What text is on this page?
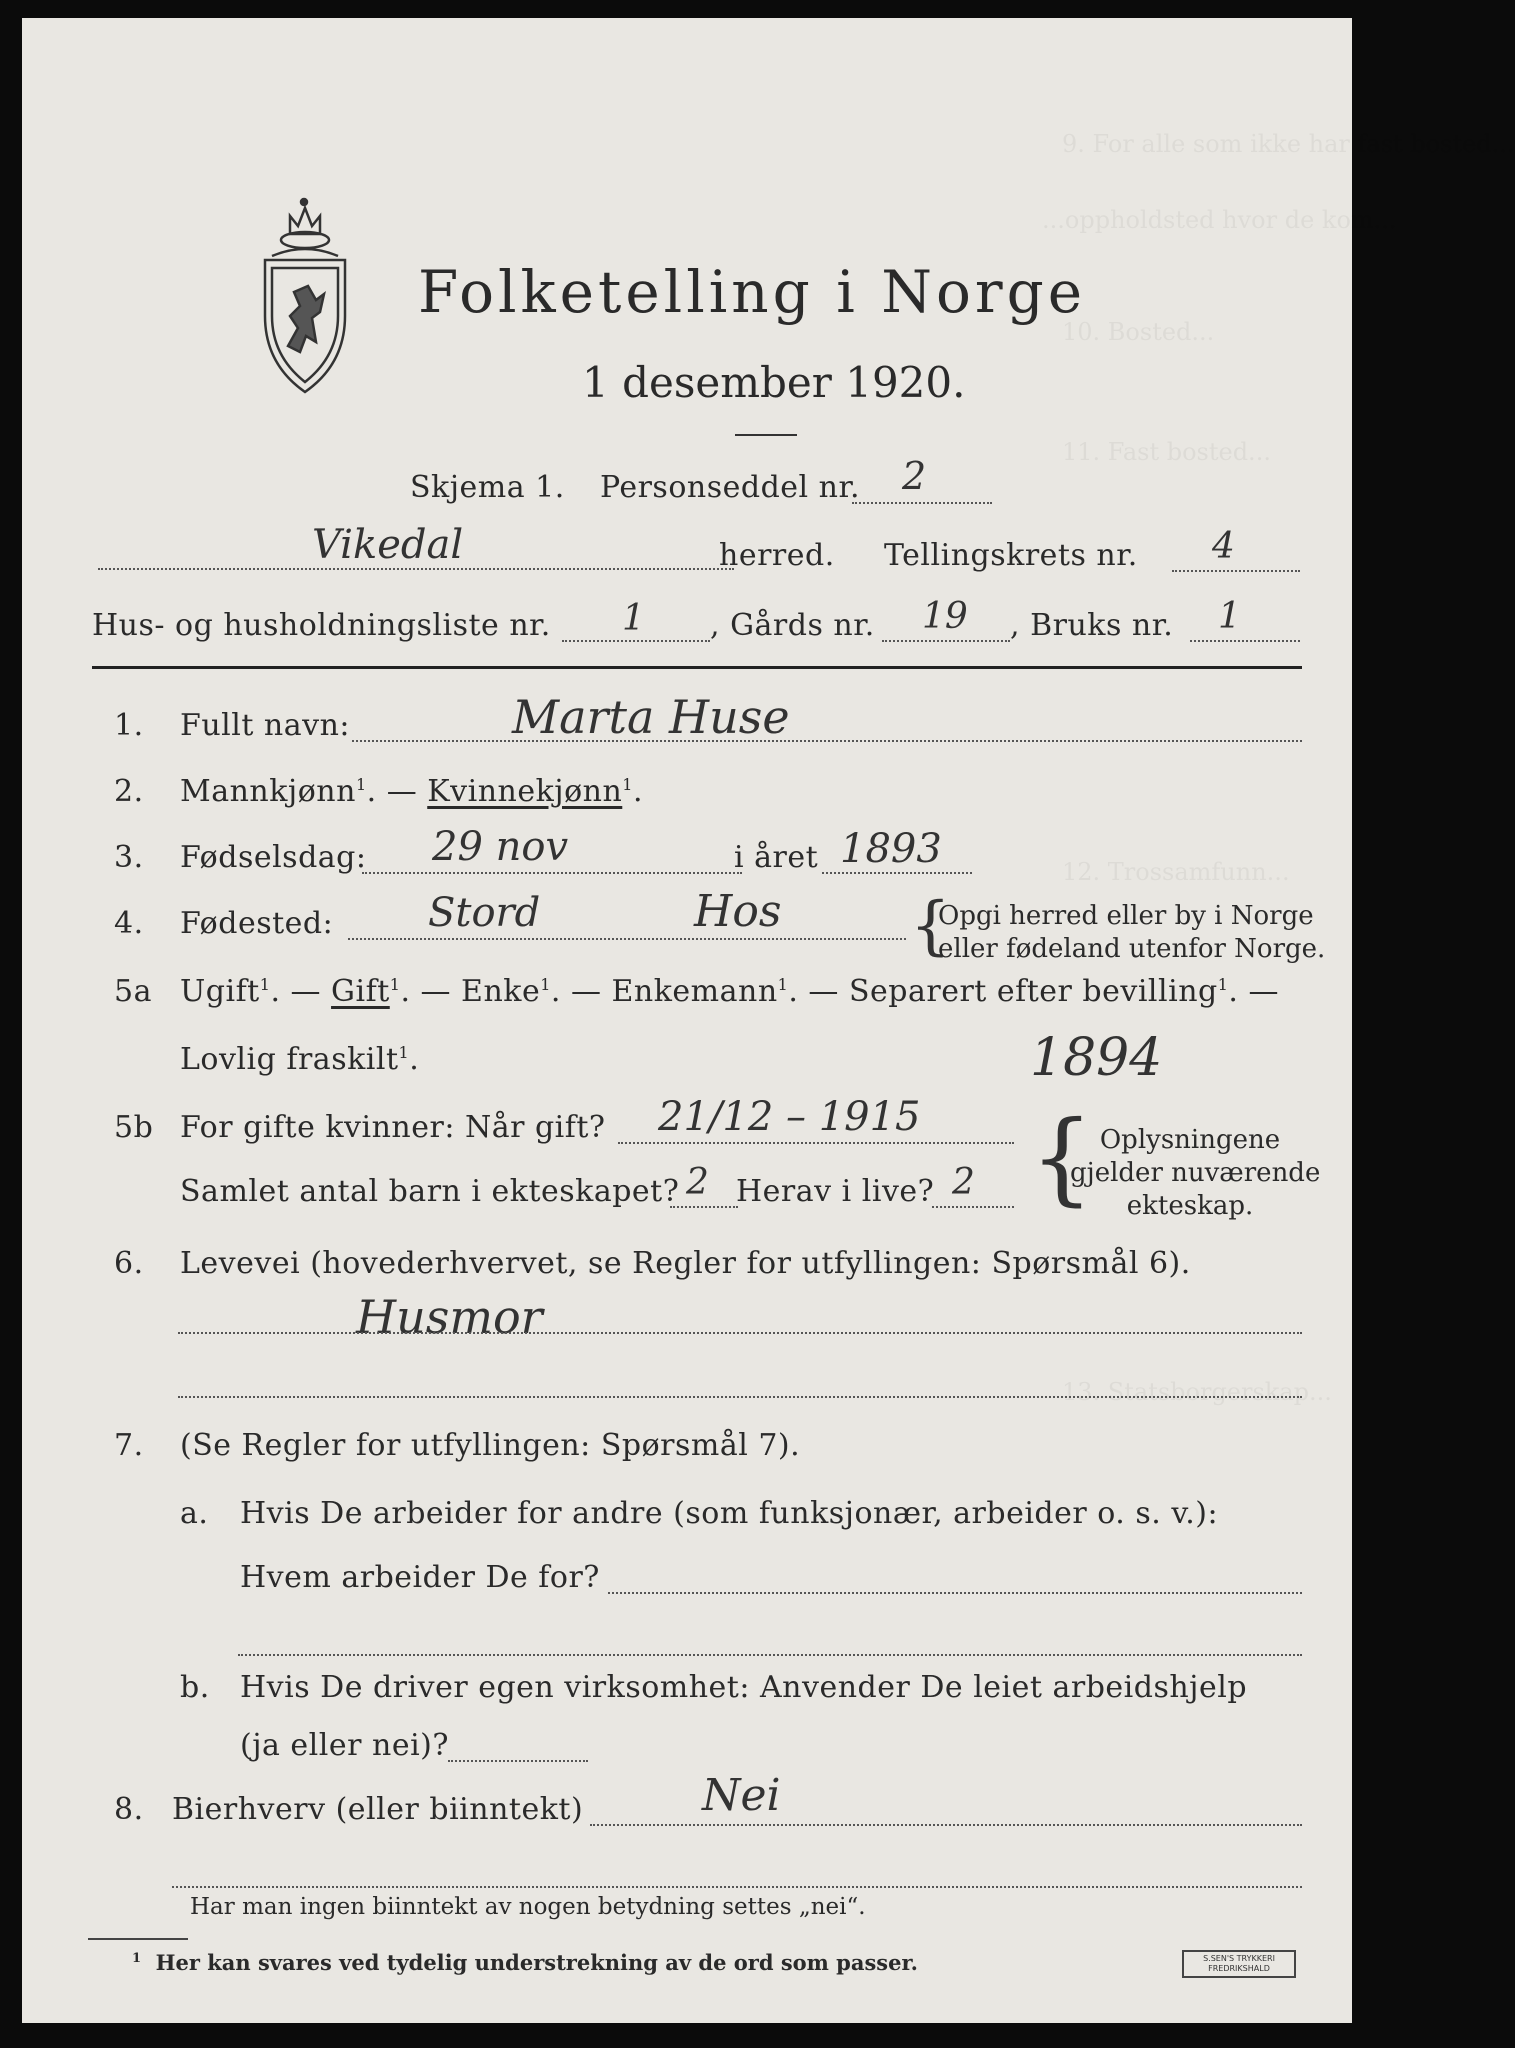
9. For alle som ikke har fast bosted...
...oppholdsted hvor de kom...
10. Bosted...
11. Fast bosted...
12. Trossamfunn...
13. Statsborgerskap...
Folketelling i Norge
1 desember 1920.
Skjema 1. Personseddel nr. 2
Vikedal	herred. Tellingskrets nr. 4
Hus- og husholdningsliste nr. 1 , Gårds nr. 19 , Bruks nr. 1
1. Fullt navn:	Marta Huse
2. Mannkjønn$^1$. — Kvinnekjønn$^1$.
3. Fødselsdag: 29 nov	i året 1893
4. Fødested: Stord	Hos {
Opgi herred eller by i Norge
eller fødeland utenfor Norge.
5a Ugift$^1$. — Gift$^1$. — Enke$^1$. — Enkemann$^1$. — Separert efter bevilling$^1$. —
Lovlig fraskilt$^1$.	1894
5b For gifte kvinner: Når gift? 21/12 – 1915
Samlet antal barn i ekteskapet? 2 Herav i live? 2 { Oplysningene
gjelder nuværende
ekteskap.
6. Levevei (hovederhvervet, se Regler for utfyllingen: Spørsmål 6).
Husmor
7. (Se Regler for utfyllingen: Spørsmål 7).
a. Hvis De arbeider for andre (som funksjonær, arbeider o. s. v.):
Hvem arbeider De for?
b. Hvis De driver egen virksomhet: Anvender De leiet arbeidshjelp
(ja eller nei)?
8. Bierhverv (eller biinntekt)	Nei
Har man ingen biinntekt av nogen betydning settes „nei“.
$^1$ Her kan svares ved tydelig understrekning av de ord som passer.	S.SEN'S TRYKKERI
FREDRIKSHALD
